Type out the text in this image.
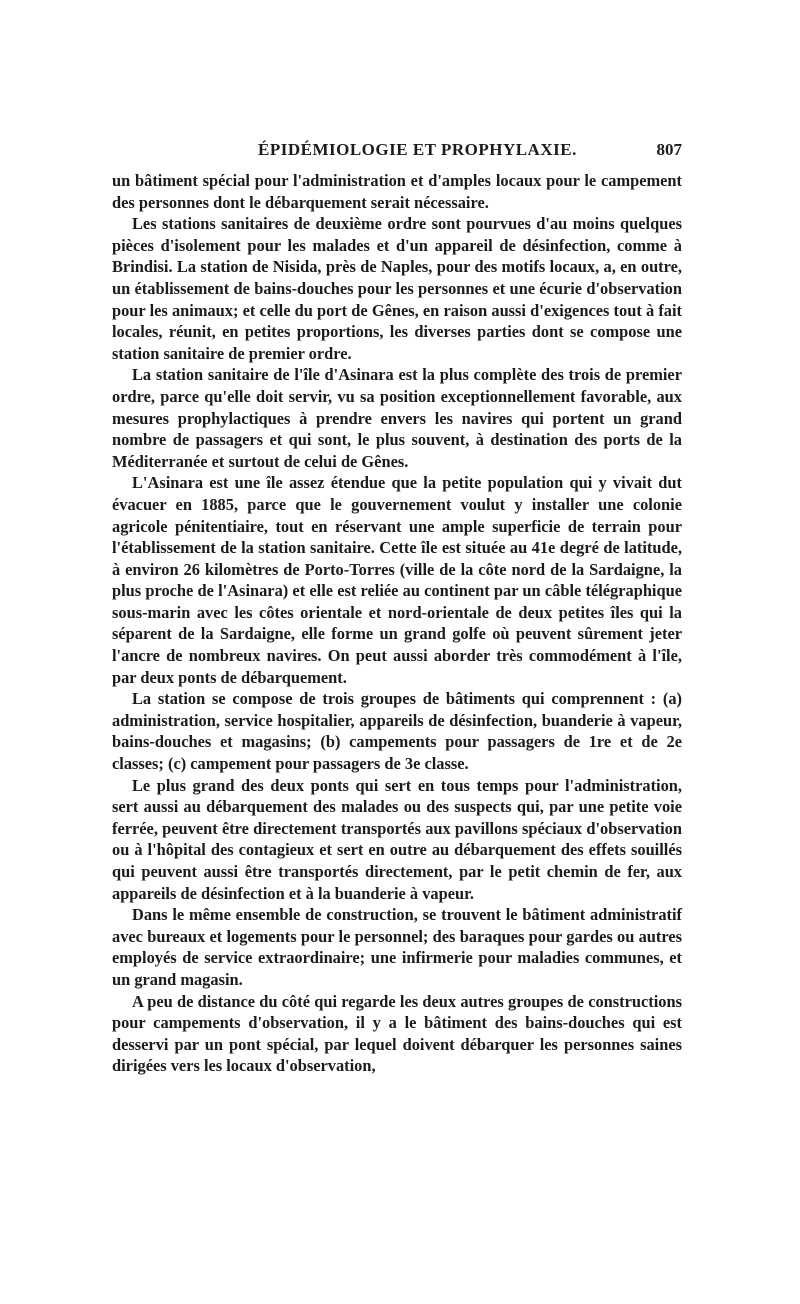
ÉPIDÉMIOLOGIE ET PROPHYLAXIE.	807

un bâtiment spécial pour l'administration et d'amples locaux pour le campement des personnes dont le débarquement serait nécessaire.

Les stations sanitaires de deuxième ordre sont pourvues d'au moins quelques pièces d'isolement pour les malades et d'un appareil de désinfection, comme à Brindisi. La station de Nisida, près de Naples, pour des motifs locaux, a, en outre, un établissement de bains-douches pour les personnes et une écurie d'observation pour les animaux; et celle du port de Gênes, en raison aussi d'exigences tout à fait locales, réunit, en petites proportions, les diverses parties dont se compose une station sanitaire de premier ordre.

La station sanitaire de l'île d'Asinara est la plus complète des trois de premier ordre, parce qu'elle doit servir, vu sa position exceptionnellement favorable, aux mesures prophylactiques à prendre envers les navires qui portent un grand nombre de passagers et qui sont, le plus souvent, à destination des ports de la Méditerranée et surtout de celui de Gênes.

L'Asinara est une île assez étendue que la petite population qui y vivait dut évacuer en 1885, parce que le gouvernement voulut y installer une colonie agricole pénitentiaire, tout en réservant une ample superficie de terrain pour l'établissement de la station sanitaire. Cette île est située au 41e degré de latitude, à environ 26 kilomètres de Porto-Torres (ville de la côte nord de la Sardaigne, la plus proche de l'Asinara) et elle est reliée au continent par un câble télégraphique sous-marin avec les côtes orientale et nord-orientale de deux petites îles qui la séparent de la Sardaigne, elle forme un grand golfe où peuvent sûrement jeter l'ancre de nombreux navires. On peut aussi aborder très commodément à l'île, par deux ponts de débarquement.

La station se compose de trois groupes de bâtiments qui comprennent : (a) administration, service hospitalier, appareils de désinfection, buanderie à vapeur, bains-douches et magasins; (b) campements pour passagers de 1re et de 2e classes; (c) campement pour passagers de 3e classe.

Le plus grand des deux ponts qui sert en tous temps pour l'administration, sert aussi au débarquement des malades ou des suspects qui, par une petite voie ferrée, peuvent être directement transportés aux pavillons spéciaux d'observation ou à l'hôpital des contagieux et sert en outre au débarquement des effets souillés qui peuvent aussi être transportés directement, par le petit chemin de fer, aux appareils de désinfection et à la buanderie à vapeur.

Dans le même ensemble de construction, se trouvent le bâtiment administratif avec bureaux et logements pour le personnel; des baraques pour gardes ou autres employés de service extraordinaire; une infirmerie pour maladies communes, et un grand magasin.

A peu de distance du côté qui regarde les deux autres groupes de constructions pour campements d'observation, il y a le bâtiment des bains-douches qui est desservi par un pont spécial, par lequel doivent débarquer les personnes saines dirigées vers les locaux d'observation,
